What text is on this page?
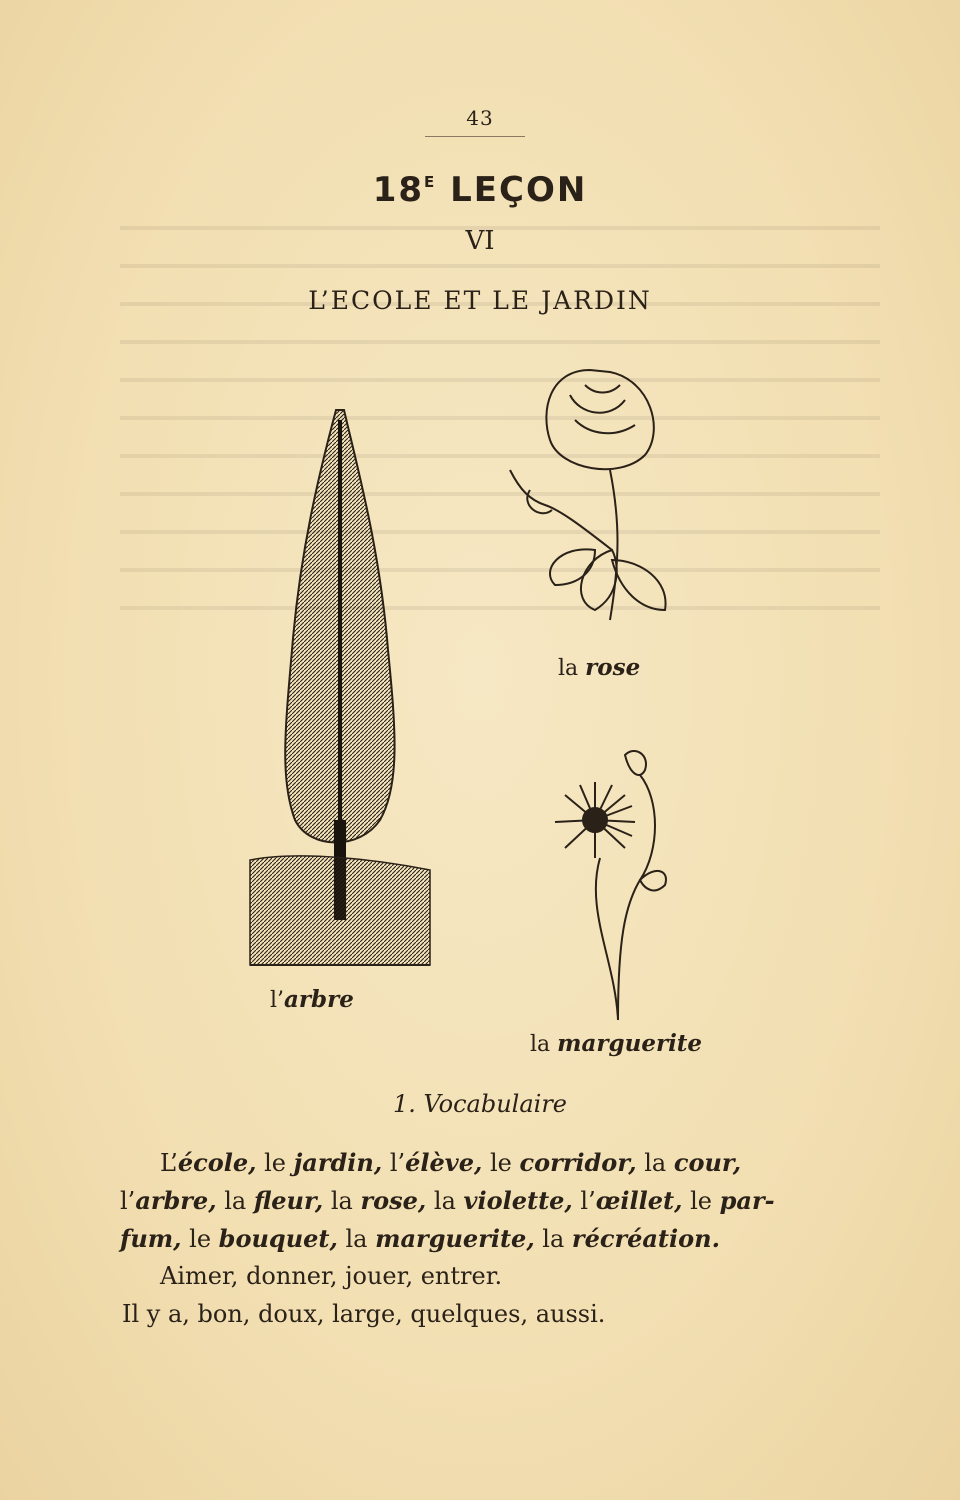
43
$18^E$ LEÇON
VI
L’ECOLE ET LE JARDIN
la rose
l’arbre
la marguerite
1. Vocabulaire
L’école, le jardin, l’élève, le corridor, la cour,
l’arbre, la fleur, la rose, la violette, l’œillet, le par-
fum, le bouquet, la marguerite, la récréation.
Aimer, donner, jouer, entrer.
Il y a, bon, doux, large, quelques, aussi.
